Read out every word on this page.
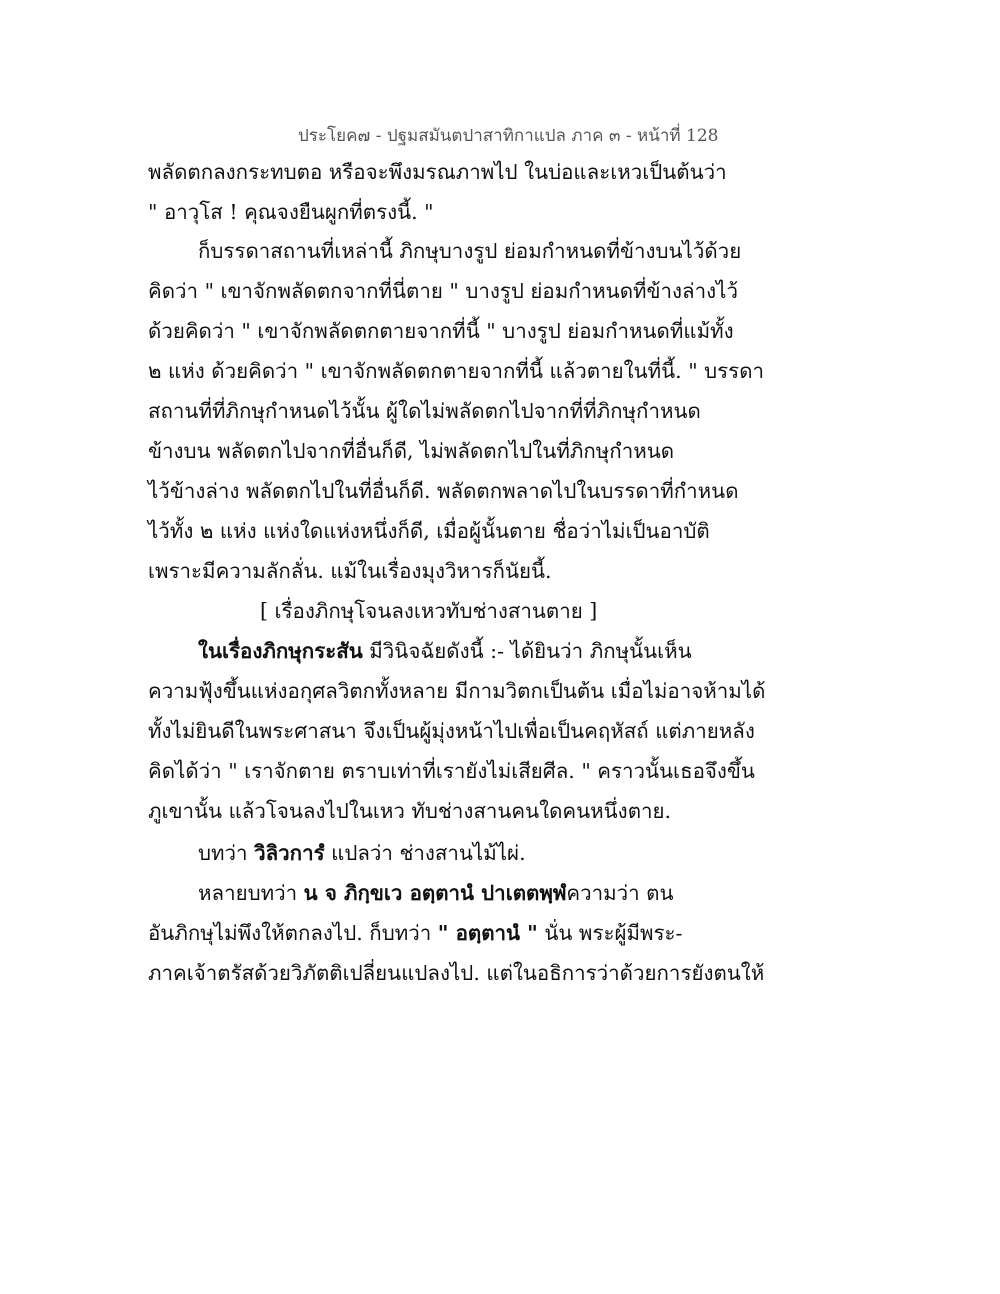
ประโยค๗ - ปฐมสมันตปาสาทิกาแปล ภาค ๓ - หน้าที่ 128
พลัดตกลงกระทบตอ หรือจะพึงมรณภาพไป ในบ่อและเหวเป็นต้นว่า
" อาวุโส ! คุณจงยืนผูกที่ตรงนี้. "
ก็บรรดาสถานที่เหล่านี้ ภิกษุบางรูป ย่อมกำหนดที่ข้างบนไว้ด้วย
คิดว่า " เขาจักพลัดตกจากที่นี่ตาย " บางรูป ย่อมกำหนดที่ข้างล่างไว้
ด้วยคิดว่า " เขาจักพลัดตกตายจากที่นี้ " บางรูป ย่อมกำหนดที่แม้ทั้ง
๒ แห่ง ด้วยคิดว่า " เขาจักพลัดตกตายจากที่นี้ แล้วตายในที่นี้. " บรรดา
สถานที่ที่ภิกษุกำหนดไว้นั้น ผู้ใดไม่พลัดตกไปจากที่ที่ภิกษุกำหนด
ข้างบน พลัดตกไปจากที่อื่นก็ดี, ไม่พลัดตกไปในที่ภิกษุกำหนด
ไว้ข้างล่าง พลัดตกไปในที่อื่นก็ดี. พลัดตกพลาดไปในบรรดาที่กำหนด
ไว้ทั้ง ๒ แห่ง แห่งใดแห่งหนึ่งก็ดี, เมื่อผู้นั้นตาย ชื่อว่าไม่เป็นอาบัติ
เพราะมีความลักลั่น. แม้ในเรื่องมุงวิหารก็นัยนี้.
[ เรื่องภิกษุโจนลงเหวทับช่างสานตาย ]
ในเรื่องภิกษุกระสัน มีวินิจฉัยดังนี้ :- ได้ยินว่า ภิกษุนั้นเห็น
ความฟุ้งขึ้นแห่งอกุศลวิตกทั้งหลาย มีกามวิตกเป็นต้น เมื่อไม่อาจห้ามได้
ทั้งไม่ยินดีในพระศาสนา จึงเป็นผู้มุ่งหน้าไปเพื่อเป็นคฤหัสถ์ แต่ภายหลัง
คิดได้ว่า " เราจักตาย ตราบเท่าที่เรายังไม่เสียศีล. " คราวนั้นเธอจึงขึ้น
ภูเขานั้น แล้วโจนลงไปในเหว ทับช่างสานคนใดคนหนึ่งตาย.
บทว่า วิลิวการํ แปลว่า ช่างสานไม้ไผ่.
หลายบทว่า น จ ภิกฺขเว อตฺตานํ ปาเตตพฺพํความว่า ตน
อันภิกษุไม่พึงให้ตกลงไป. ก็บทว่า " อตฺตานํ " นั่น พระผู้มีพระ-
ภาคเจ้าตรัสด้วยวิภัตติเปลี่ยนแปลงไป. แต่ในอธิการว่าด้วยการยังตนให้
